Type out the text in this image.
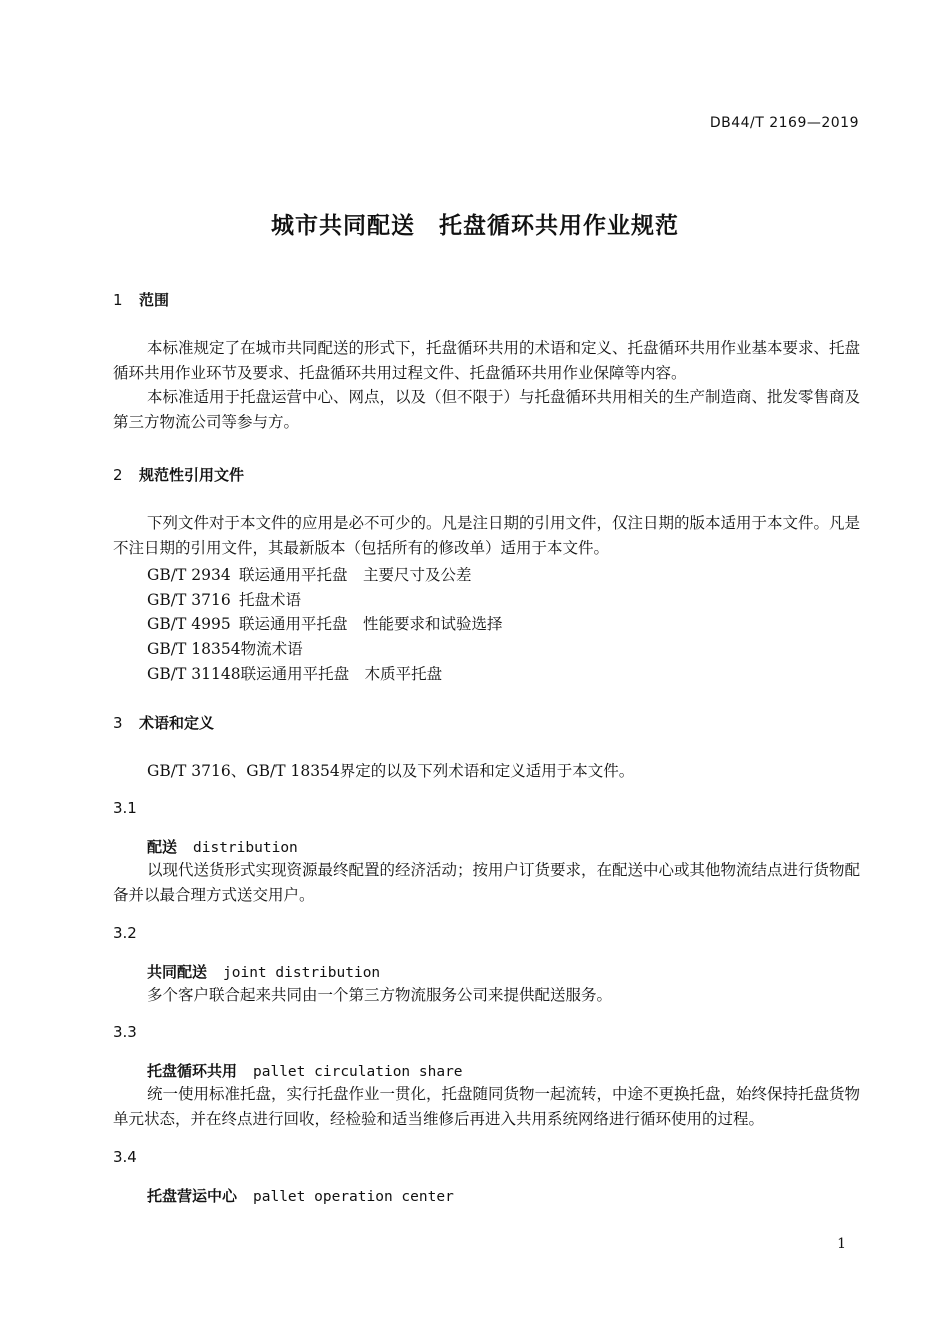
DB44/T 2169—2019
城市共同配送 托盘循环共用作业规范
1 范围
本标准规定了在城市共同配送的形式下，托盘循环共用的术语和定义、托盘循环共用作业基本要求、托盘循环共用作业环节及要求、托盘循环共用过程文件、托盘循环共用作业保障等内容。
本标准适用于托盘运营中心、网点，以及（但不限于）与托盘循环共用相关的生产制造商、批发零售商及第三方物流公司等参与方。
2 规范性引用文件
下列文件对于本文件的应用是必不可少的。凡是注日期的引用文件，仅注日期的版本适用于本文件。凡是不注日期的引用文件，其最新版本（包括所有的修改单）适用于本文件。
GB/T 2934 联运通用平托盘　主要尺寸及公差
GB/T 3716 托盘术语
GB/T 4995 联运通用平托盘　性能要求和试验选择
GB/T 18354物流术语
GB/T 31148联运通用平托盘　木质平托盘
3 术语和定义
GB/T 3716、GB/T 18354界定的以及下列术语和定义适用于本文件。
3.1
配送 distribution
以现代送货形式实现资源最终配置的经济活动；按用户订货要求，在配送中心或其他物流结点进行货物配备并以最合理方式送交用户。
3.2
共同配送 joint distribution
多个客户联合起来共同由一个第三方物流服务公司来提供配送服务。
3.3
托盘循环共用 pallet circulation share
统一使用标准托盘，实行托盘作业一贯化，托盘随同货物一起流转，中途不更换托盘，始终保持托盘货物单元状态，并在终点进行回收，经检验和适当维修后再进入共用系统网络进行循环使用的过程。
3.4
托盘营运中心 pallet operation center
1
